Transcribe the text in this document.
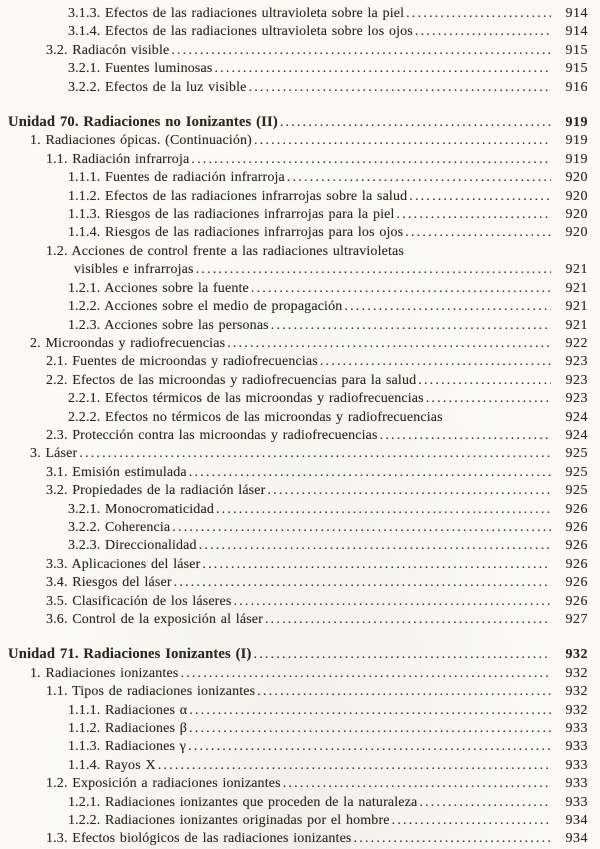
3.1.3. Efectos de las radiaciones ultravioleta sobre la piel .....	914
3.1.4. Efectos de las radiaciones ultravioleta sobre los ojos .....	914
3.2. Radiacón visible .....	915
3.2.1. Fuentes luminosas .....	915
3.2.2. Efectos de la luz visible .....	916
Unidad 70. Radiaciones no Ionizantes (II) .....	919
1. Radiaciones ópicas. (Continuación) .....	919
1.1. Radiación infrarroja .....	919
1.1.1. Fuentes de radiación infrarroja .....	920
1.1.2. Efectos de las radiaciones infrarrojas sobre la salud .....	920
1.1.3. Riesgos de las radiaciones infrarrojas para la piel .....	920
1.1.4. Riesgos de las radiaciones infrarrojas para los ojos .....	920
1.2. Acciones de control frente a las radiaciones ultravioletas
visibles e infrarrojas .....	921
1.2.1. Acciones sobre la fuente .....	921
1.2.2. Acciones sobre el medio de propagación .....	921
1.2.3. Acciones sobre las personas .....	921
2. Microondas y radiofrecuencias .....	922
2.1. Fuentes de microondas y radiofrecuencias .....	923
2.2. Efectos de las microondas y radiofrecuencias para la salud .....	923
2.2.1. Efectos térmicos de las microondas y radiofrecuencias .....	923
2.2.2. Efectos no térmicos de las microondas y radiofrecuencias	924
2.3. Protección contra las microondas y radiofrecuencias .....	924
3. Láser .....	925
3.1. Emisión estimulada .....	925
3.2. Propiedades de la radiación láser .....	925
3.2.1. Monocromaticidad .....	926
3.2.2. Coherencia .....	926
3.2.3. Direccionalidad .....	926
3.3. Aplicaciones del láser .....	926
3.4. Riesgos del láser .....	926
3.5. Clasificación de los láseres .....	926
3.6. Control de la exposición al láser .....	927
Unidad 71. Radiaciones Ionizantes (I) .....	932
1. Radiaciones ionizantes .....	932
1.1. Tipos de radiaciones ionizantes .....	932
1.1.1. Radiaciones α .....	932
1.1.2. Radiaciones β .....	933
1.1.3. Radiaciones γ .....	933
1.1.4. Rayos X .....	933
1.2. Exposición a radiaciones ionizantes .....	933
1.2.1. Radiaciones ionizantes que proceden de la naturaleza .....	933
1.2.2. Radiaciones ionizantes originadas por el hombre .....	934
1.3. Efectos biológicos de las radiaciones ionizantes .....	934
